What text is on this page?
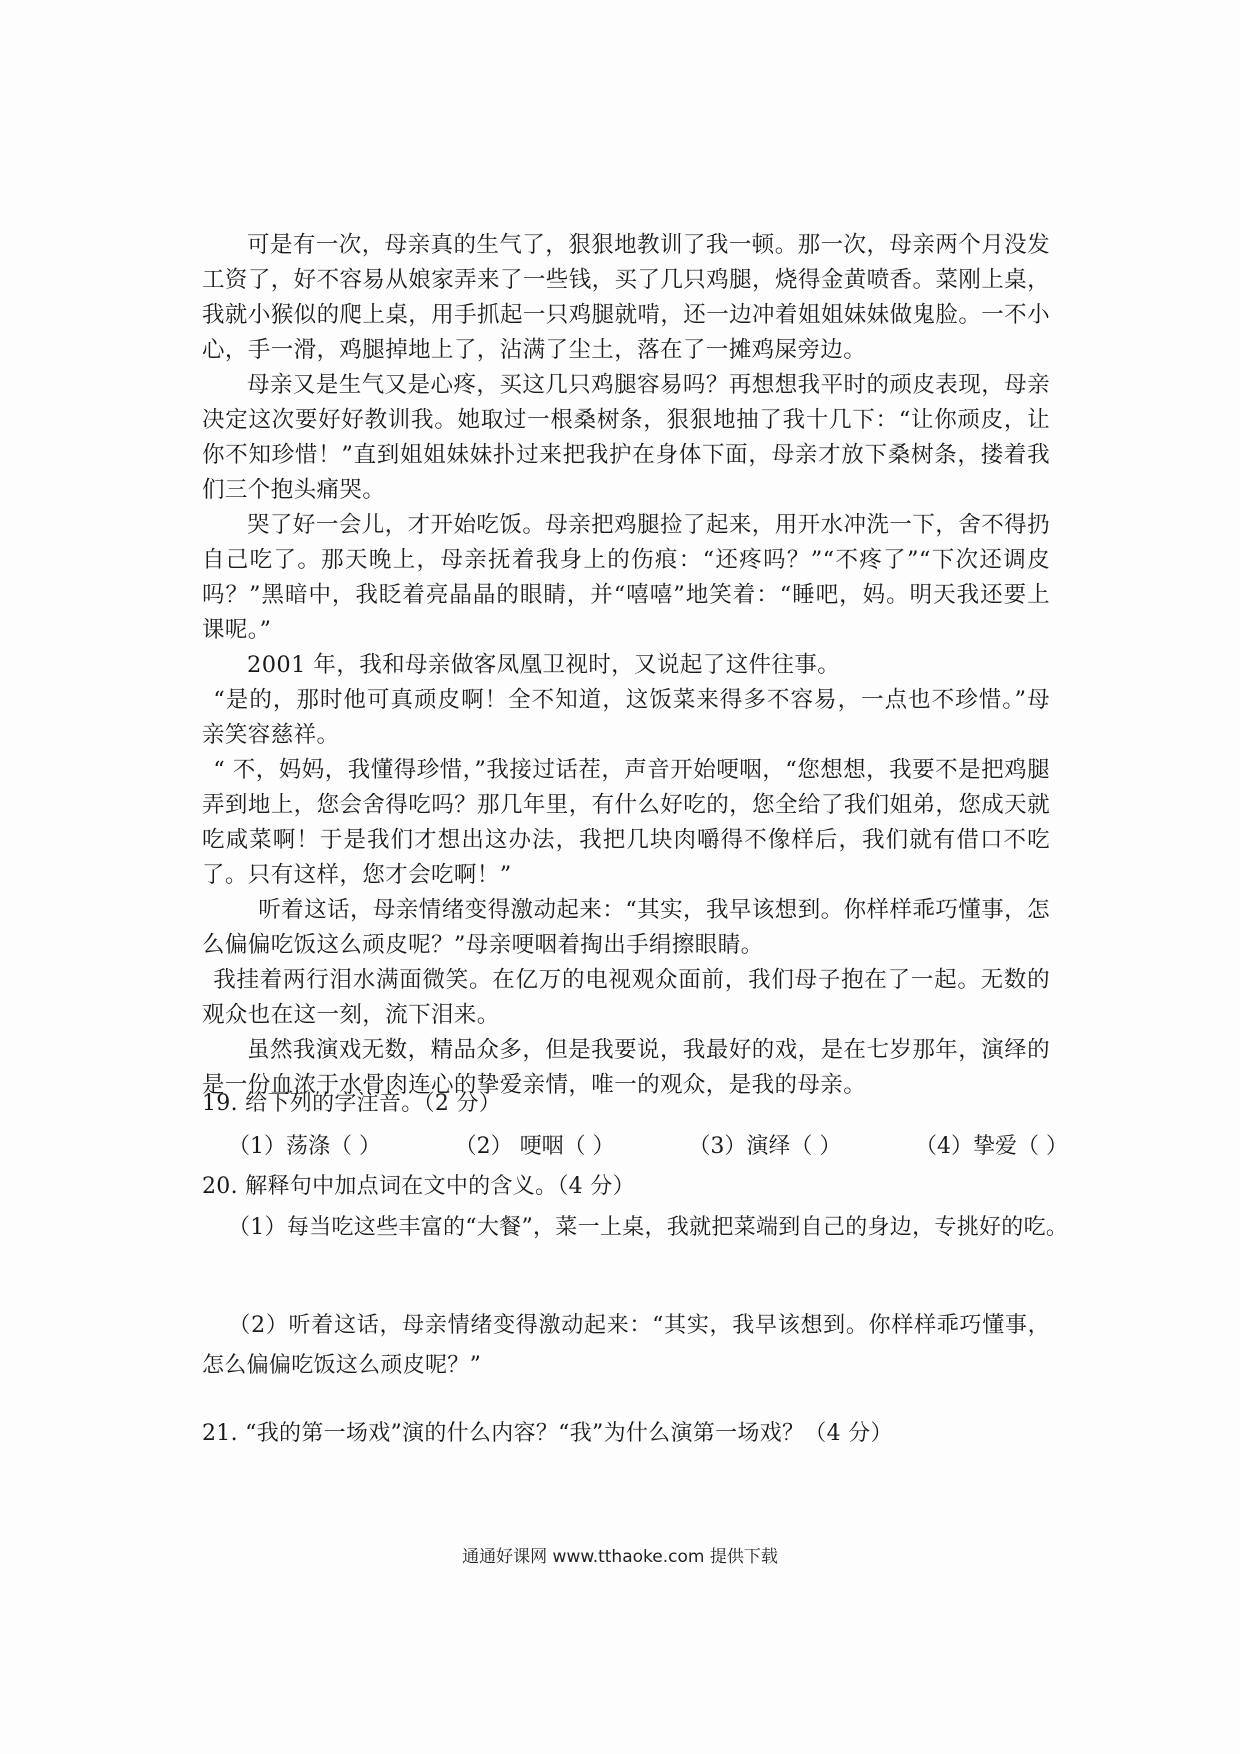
可是有一次，母亲真的生气了，狠狠地教训了我一顿。那一次，母亲两个月没发工资了，好不容易从娘家弄来了一些钱，买了几只鸡腿，烧得金黄喷香。菜刚上桌，我就小猴似的爬上桌，用手抓起一只鸡腿就啃，还一边冲着姐姐妹妹做鬼脸。一不小心，手一滑，鸡腿掉地上了，沾满了尘土，落在了一摊鸡屎旁边。

母亲又是生气又是心疼，买这几只鸡腿容易吗？再想想我平时的顽皮表现，母亲决定这次要好好教训我。她取过一根桑树条，狠狠地抽了我十几下：“让你顽皮，让你不知珍惜！”直到姐姐妹妹扑过来把我护在身体下面，母亲才放下桑树条，搂着我们三个抱头痛哭。

哭了好一会儿，才开始吃饭。母亲把鸡腿捡了起来，用开水冲洗一下，舍不得扔自己吃了。那天晚上，母亲抚着我身上的伤痕：“还疼吗？”“不疼了”“下次还调皮吗？”黑暗中，我眨着亮晶晶的眼睛，并“嘻嘻”地笑着：“睡吧，妈。明天我还要上课呢。”

2001 年，我和母亲做客凤凰卫视时，又说起了这件往事。

“是的，那时他可真顽皮啊！全不知道，这饭菜来得多不容易，一点也不珍惜。”母亲笑容慈祥。

“ 不，妈妈，我懂得珍惜，”我接过话茬，声音开始哽咽，“您想想，我要不是把鸡腿弄到地上，您会舍得吃吗？那几年里，有什么好吃的，您全给了我们姐弟，您成天就吃咸菜啊！于是我们才想出这办法，我把几块肉嚼得不像样后，我们就有借口不吃了。只有这样，您才会吃啊！”

听着这话，母亲情绪变得激动起来：“其实，我早该想到。你样样乖巧懂事，怎么偏偏吃饭这么顽皮呢？”母亲哽咽着掏出手绢擦眼睛。

我挂着两行泪水满面微笑。在亿万的电视观众面前，我们母子抱在了一起。无数的观众也在这一刻，流下泪来。

虽然我演戏无数，精品众多，但是我要说，我最好的戏，是在七岁那年，演绎的是一份血浓于水骨肉连心的挚爱亲情，唯一的观众，是我的母亲。

19. 给下列的字注音。（2 分）
（1）荡涤（ ）	（2） 哽咽（ ）	（3）演绎（ ）	（4）挚爱（ ）
20. 解释句中加点词在文中的含义。（4 分）
（1）每当吃这些丰富的“大餐”，菜一上桌，我就把菜端到自己的身边，专挑好的吃。
（2）听着这话，母亲情绪变得激动起来：“其实，我早该想到。你样样乖巧懂事，怎么偏偏吃饭这么顽皮呢？”
21. “我的第一场戏”演的什么内容？“我”为什么演第一场戏？（4 分）
通通好课网 www.tthaoke.com 提供下载
